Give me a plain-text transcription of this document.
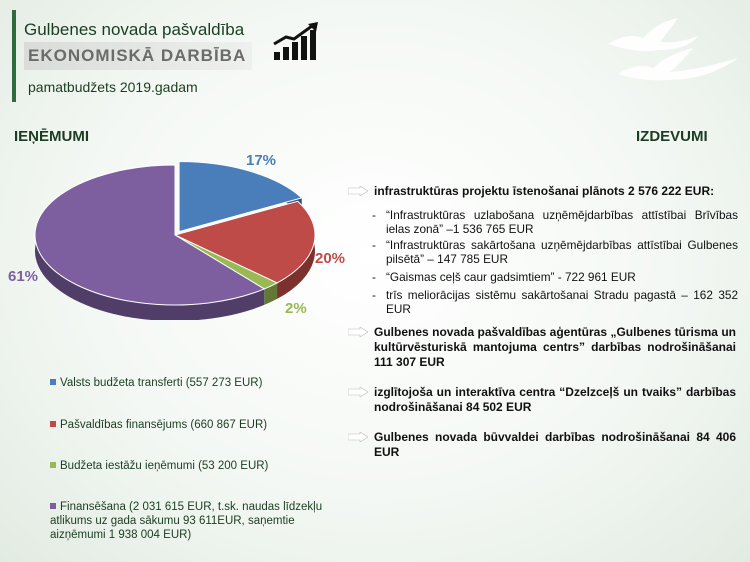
Gulbenes novada pašvaldība
EKONOMISKĀ DARBĪBA
pamatbudžets 2019.gadam
IEŅĒMUMI	IZDEVUMI
17%
20%
2%
61%
Valsts budžeta transferti (557 273 EUR)
Pašvaldības finansējums (660 867 EUR)
Budžeta iestāžu ieņēmumi (53 200 EUR)
Finansēšana (2 031 615 EUR, t.sk. naudas līdzekļu atlikums uz gada sākumu 93 611EUR, saņemtie aizņēmumi 1 938 004 EUR)
infrastruktūras projektu īstenošanai plānots 2 576 222 EUR:
- “Infrastruktūras uzlabošana uzņēmējdarbības attīstībai Brīvības ielas zonā” –1 536 765 EUR
- “Infrastruktūras sakārtošana uzņēmējdarbības attīstībai Gulbenes pilsētā” – 147 785 EUR
- “Gaismas ceļš caur gadsimtiem” - 722 961 EUR
- trīs meliorācijas sistēmu sakārtošanai Stradu pagastā – 162 352 EUR
Gulbenes novada pašvaldības aģentūras „Gulbenes tūrisma un kultūrvēsturiskā mantojuma centrs” darbības nodrošināšanai 111 307 EUR
izglītojoša un interaktīva centra “Dzelzceļš un tvaiks” darbības nodrošināšanai 84 502 EUR
Gulbenes novada būvvaldei darbības nodrošināšanai 84 406 EUR
